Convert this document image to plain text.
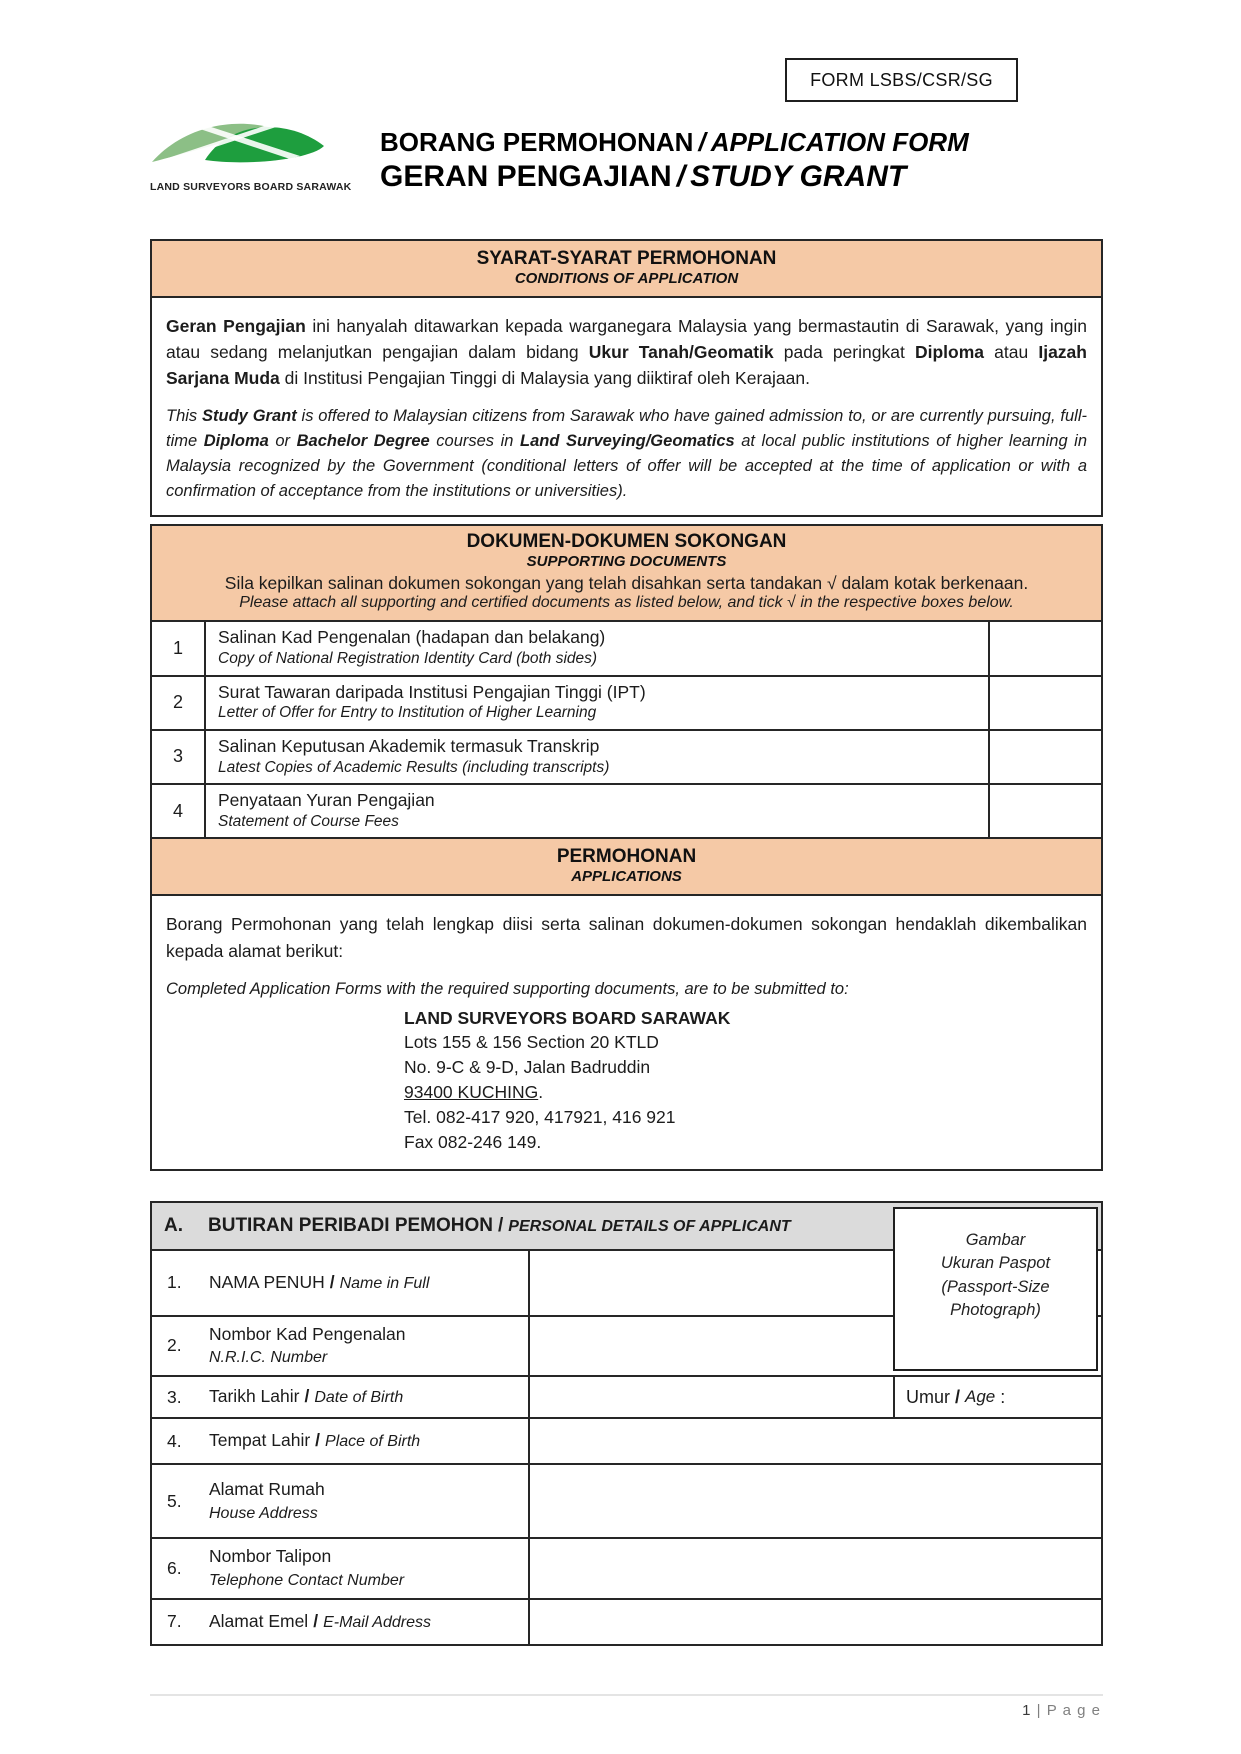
FORM LSBS/CSR/SG
LAND SURVEYORS BOARD SARAWAK
BORANG PERMOHONAN / APPLICATION FORM
GERAN PENGAJIAN / STUDY GRANT
SYARAT-SYARAT PERMOHONAN
CONDITIONS OF APPLICATION

Geran Pengajian ini hanyalah ditawarkan kepada warganegara Malaysia yang bermastautin di Sarawak, yang ingin atau sedang melanjutkan pengajian dalam bidang Ukur Tanah/Geomatik pada peringkat Diploma atau Ijazah Sarjana Muda di Institusi Pengajian Tinggi di Malaysia yang diiktiraf oleh Kerajaan.

This Study Grant is offered to Malaysian citizens from Sarawak who have gained admission to, or are currently pursuing, full-time Diploma or Bachelor Degree courses in Land Surveying/Geomatics at local public institutions of higher learning in Malaysia recognized by the Government (conditional letters of offer will be accepted at the time of application or with a confirmation of acceptance from the institutions or universities).

DOKUMEN-DOKUMEN SOKONGAN
SUPPORTING DOCUMENTS
Sila kepilkan salinan dokumen sokongan yang telah disahkan serta tandakan √ dalam kotak berkenaan.
Please attach all supporting and certified documents as listed below, and tick √ in the respective boxes below.
1
Salinan Kad Pengenalan (hadapan dan belakang)
Copy of National Registration Identity Card (both sides)
2
Surat Tawaran daripada Institusi Pengajian Tinggi (IPT)
Letter of Offer for Entry to Institution of Higher Learning
3
Salinan Keputusan Akademik termasuk Transkrip
Latest Copies of Academic Results (including transcripts)
4
Penyataan Yuran Pengajian
Statement of Course Fees
PERMOHONAN
APPLICATIONS

Borang Permohonan yang telah lengkap diisi serta salinan dokumen-dokumen sokongan hendaklah dikembalikan kepada alamat berikut:

Completed Application Forms with the required supporting documents, are to be submitted to:

LAND SURVEYORS BOARD SARAWAK
Lots 155 & 156 Section 20 KTLD
No. 9-C & 9-D, Jalan Badruddin
93400 KUCHING.
Tel. 082-417 920, 417921, 416 921
Fax 082-246 149.
A.	BUTIRAN PERIBADI PEMOHON / PERSONAL DETAILS OF APPLICANT
Gambar
Ukuran Paspot
(Passport-Size
Photograph)
1.	NAMA PENUH / Name in Full
2.
Nombor Kad Pengenalan
N.R.I.C. Number
3.	Tarikh Lahir / Date of Birth	Umur / Age
:
4.	Tempat Lahir / Place of Birth
5.
Alamat Rumah
House Address
6.
Nombor Talipon
Telephone Contact Number
7.	Alamat Emel / E-Mail Address
1 | P a g e
